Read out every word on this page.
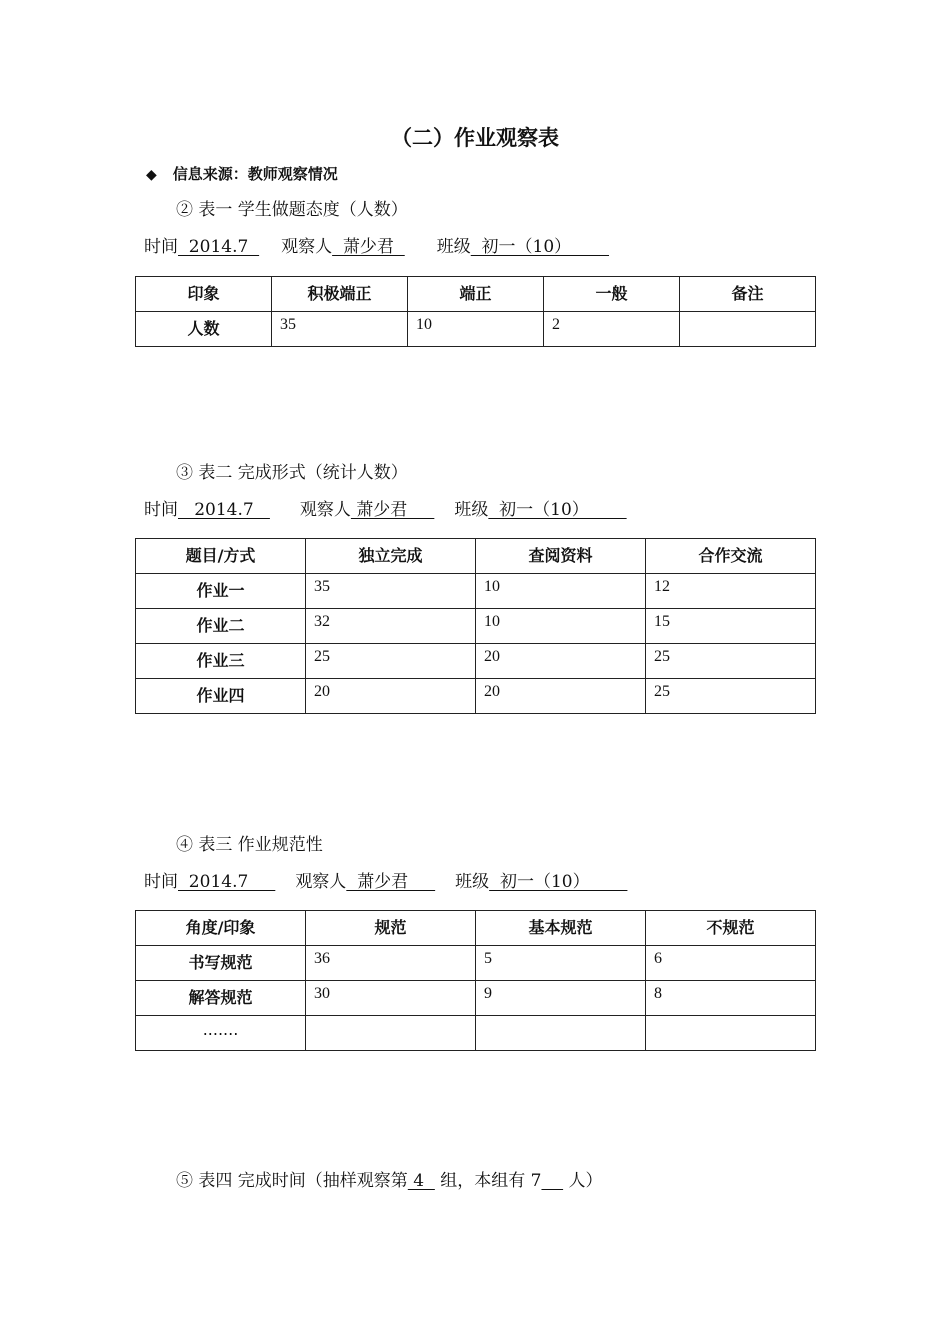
（二）作业观察表
◆ 信息来源：教师观察情况
② 表一 学生做题态度（人数）
时间  2014.7  观察人  萧少君  班级  初一（10）
印象	积极端正	端正	一般	备注
人数	35	10	2	
③ 表二 完成形式（统计人数）
时间   2014.7   观察人 萧少君     班级  初一（10）
题目/方式	独立完成	查阅资料	合作交流
作业一	35	10	12
作业二	32	10	15
作业三	25	20	25
作业四	20	20	25
④ 表三 作业规范性
时间  2014.7     观察人  萧少君     班级  初一（10）
角度/印象	规范	基本规范	不规范
书写规范	36	5	6
解答规范	30	9	8
.......			
⑤ 表四 完成时间（抽样观察第 4   组，本组有 7     人）
